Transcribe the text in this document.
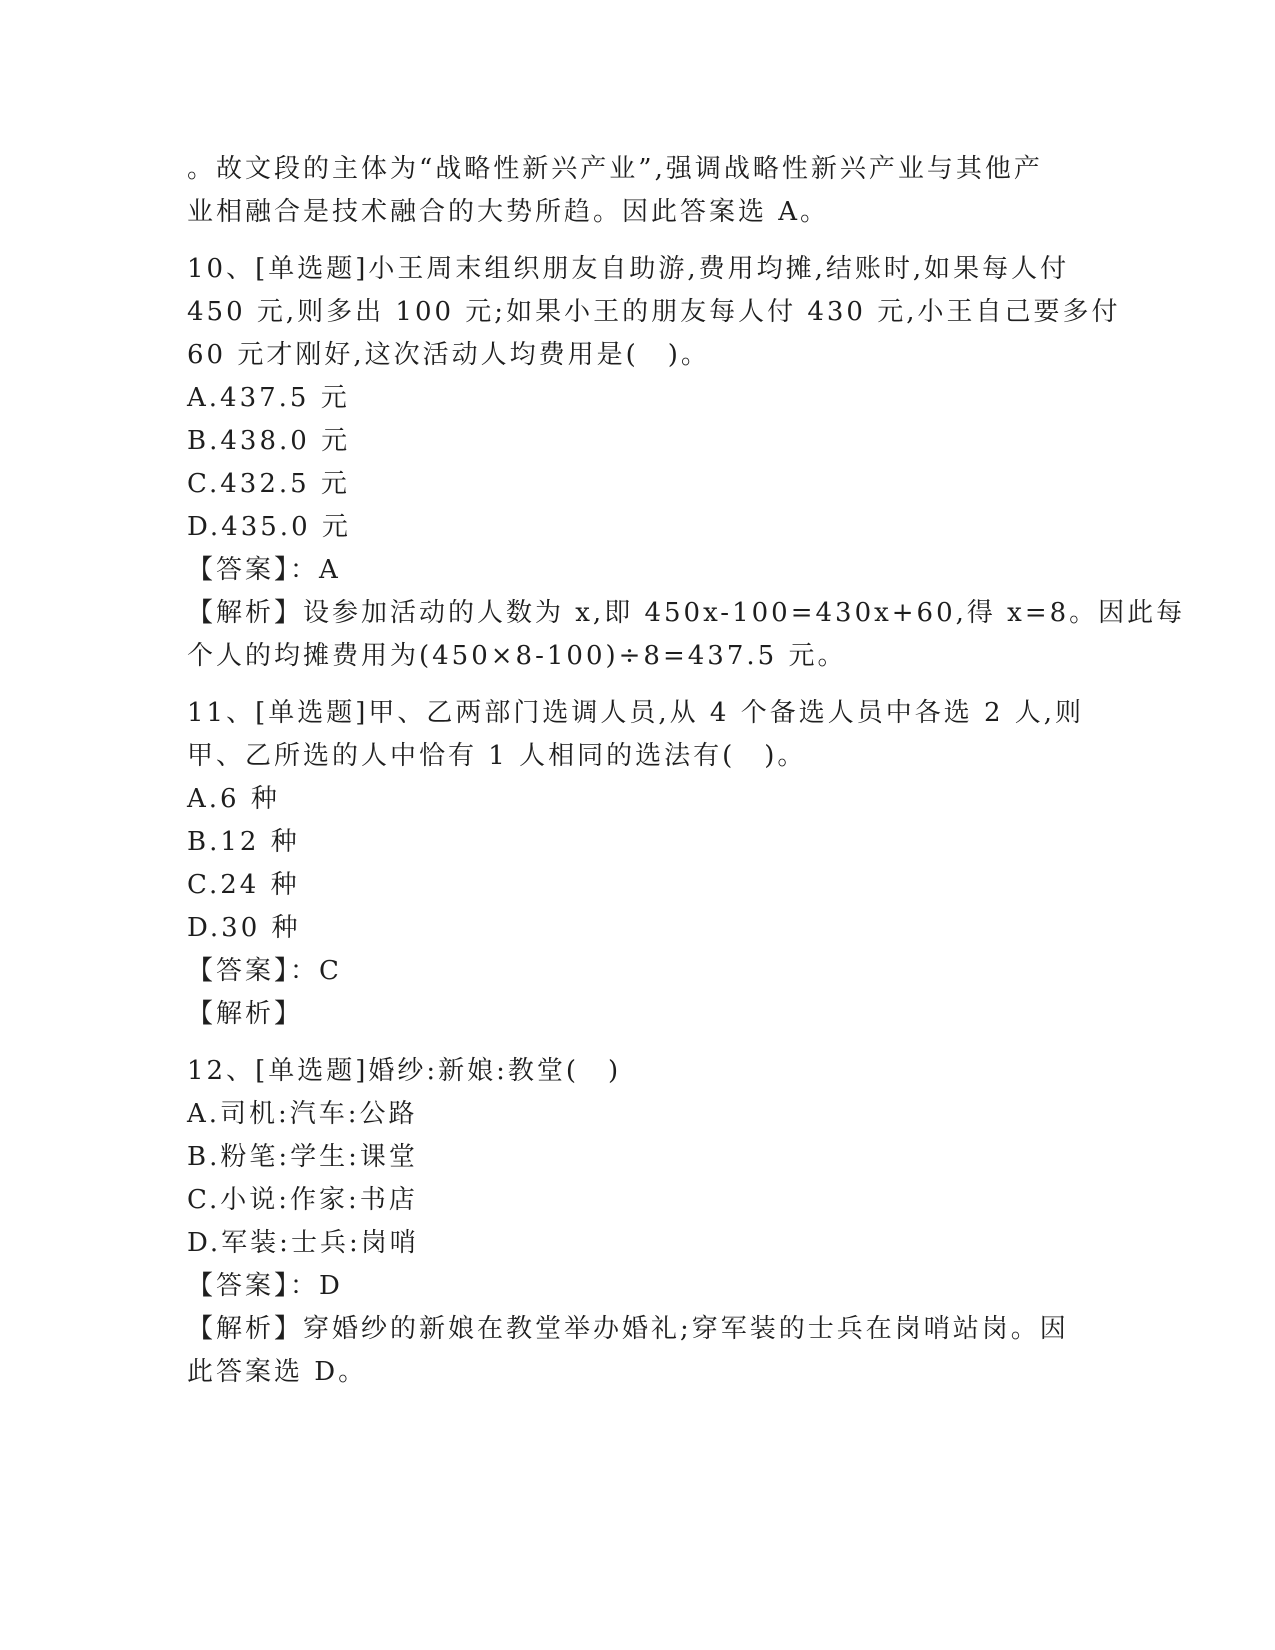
。故文段的主体为“战略性新兴产业”,强调战略性新兴产业与其他产
业相融合是技术融合的大势所趋。因此答案选 A。
10、[单选题]小王周末组织朋友自助游,费用均摊,结账时,如果每人付
450 元,则多出 100 元;如果小王的朋友每人付 430 元,小王自己要多付
60 元才刚好,这次活动人均费用是(　)。
A.437.5 元
B.438.0 元
C.432.5 元
D.435.0 元
【答案】：A
【解析】设参加活动的人数为 x,即 450x-100=430x+60,得 x=8。因此每
个人的均摊费用为(450×8-100)÷8=437.5 元。
11、[单选题]甲、乙两部门选调人员,从 4 个备选人员中各选 2 人,则
甲、乙所选的人中恰有 1 人相同的选法有(　)。
A.6 种
B.12 种
C.24 种
D.30 种
【答案】：C
【解析】
12、[单选题]婚纱:新娘:教堂(　)
A.司机:汽车:公路
B.粉笔:学生:课堂
C.小说:作家:书店
D.军装:士兵:岗哨
【答案】：D
【解析】穿婚纱的新娘在教堂举办婚礼;穿军装的士兵在岗哨站岗。因
此答案选 D。
